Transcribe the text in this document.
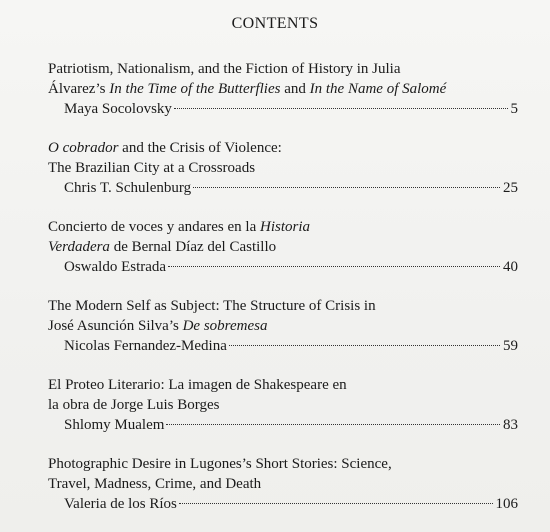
CONTENTS
Patriotism, Nationalism, and the Fiction of History in Julia
Álvarez’s In the Time of the Butterflies and In the Name of Salomé
Maya Socolovsky	5
O cobrador and the Crisis of Violence:
The Brazilian City at a Crossroads
Chris T. Schulenburg	25
Concierto de voces y andares en la Historia
Verdadera de Bernal Díaz del Castillo
Oswaldo Estrada	40
The Modern Self as Subject: The Structure of Crisis in
José Asunción Silva’s De sobremesa
Nicolas Fernandez-Medina	59
El Proteo Literario: La imagen de Shakespeare en
la obra de Jorge Luis Borges
Shlomy Mualem	83
Photographic Desire in Lugones’s Short Stories: Science,
Travel, Madness, Crime, and Death
Valeria de los Ríos	106
